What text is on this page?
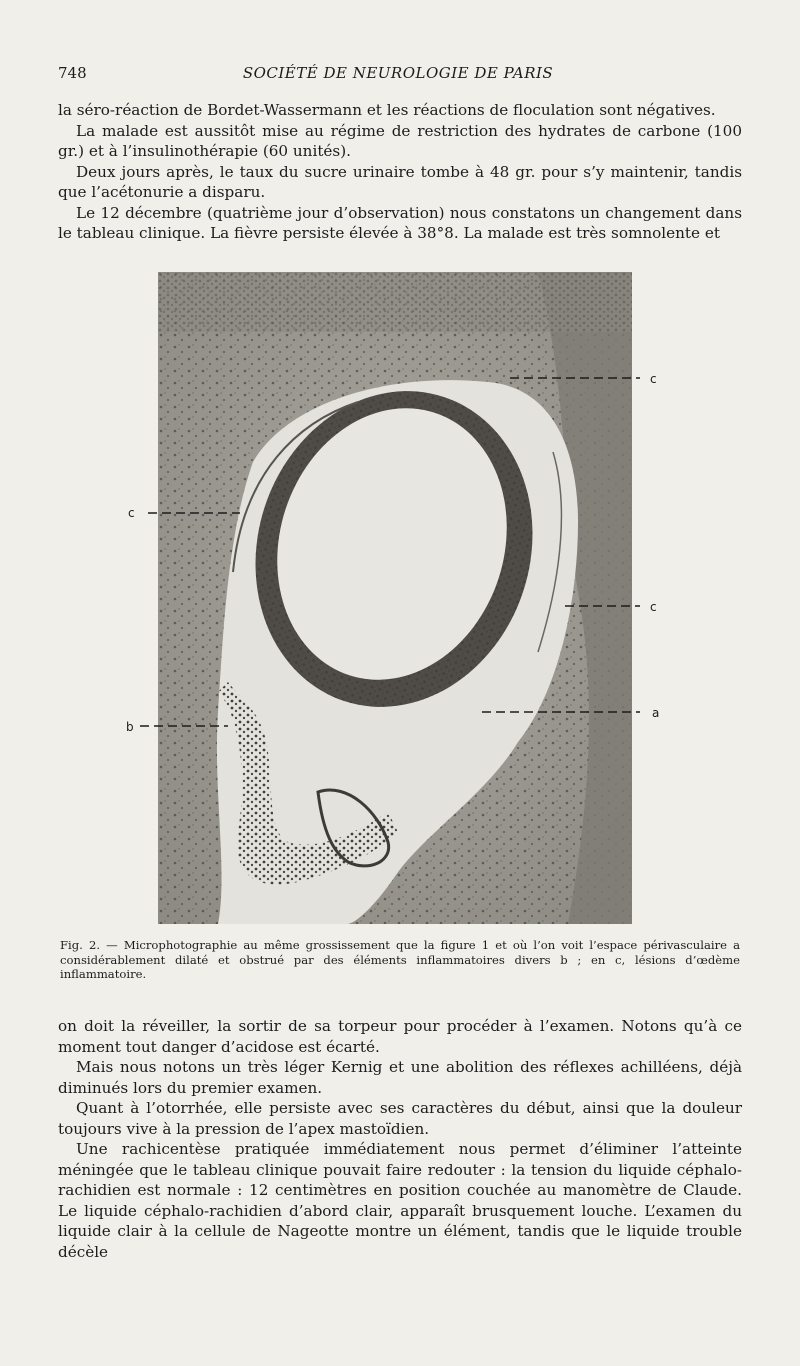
748	SOCIÉTÉ DE NEUROLOGIE DE PARIS

la séro-réaction de Bordet-Wassermann et les réactions de floculation sont négatives.

La malade est aussitôt mise au régime de restriction des hydrates de carbone (100 gr.) et à l’insulinothérapie (60 unités).

Deux jours après, le taux du sucre urinaire tombe à 48 gr. pour s’y maintenir, tandis que l’acétonurie a disparu.

Le 12 décembre (quatrième jour d’observation) nous constatons un changement dans le tableau clinique. La fièvre persiste élevée à 38°8. La malade est très somnolente et

c
c
c
a
b
Fig. 2. — Microphotographie au même grossissement que la figure 1 et où l’on voit l’espace périvasculaire a considérablement dilaté et obstrué par des éléments inflammatoires divers b ; en c, lésions d’œdème inflammatoire.

on doit la réveiller, la sortir de sa torpeur pour procéder à l’examen. Notons qu’à ce moment tout danger d’acidose est écarté.

Mais nous notons un très léger Kernig et une abolition des réflexes achilléens, déjà diminués lors du premier examen.

Quant à l’otorrhée, elle persiste avec ses caractères du début, ainsi que la douleur toujours vive à la pression de l’apex mastoïdien.

Une rachicentèse pratiquée immédiatement nous permet d’éliminer l’atteinte méningée que le tableau clinique pouvait faire redouter : la tension du liquide céphalo-rachidien est normale : 12 centimètres en position couchée au manomètre de Claude. Le liquide céphalo-rachidien d’abord clair, apparaît brusquement louche. L’examen du liquide clair à la cellule de Nageotte montre un élément, tandis que le liquide trouble décèle
